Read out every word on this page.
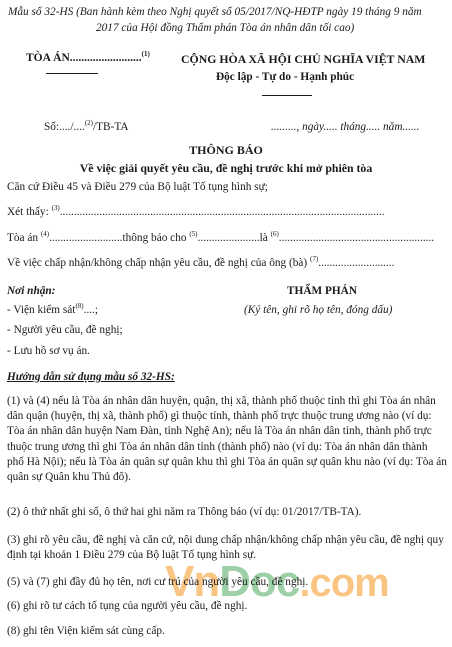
Mẫu số 32-HS (Ban hành kèm theo Nghị quyết số 05/2017/NQ-HĐTP ngày 19 tháng 9 năm
2017 của Hội đồng Thẩm phán Tòa án nhân dân tối cao)
TÒA ÁN.........................$^{(1)}$	CỘNG HÒA XÃ HỘI CHỦ NGHĨA VIỆT NAM
Độc lập - Tự do - Hạnh phúc
Số:..../....$^{(2)}$/TB-TA	........., ngày..... tháng..... năm......
THÔNG BÁO
Về việc giải quyết yêu cầu, đề nghị trước khi mở phiên tòa
Căn cứ Điều 45 và Điều 279 của Bộ luật Tố tụng hình sự;
Xét thấy: $^{(3)}$...................................................................................................................
Tòa án $^{(4)}$..........................thông báo cho $^{(5)}$......................là $^{(6)}$.......................................................
Về việc chấp nhận/không chấp nhận yêu cầu, đề nghị của ông (bà) $^{(7)}$...........................
Nơi nhận:
- Viện kiểm sát$^{(8)}$....;
- Người yêu cầu, đề nghị;
- Lưu hồ sơ vụ án.
THẨM PHÁN
(Ký tên, ghi rõ họ tên, đóng dấu)
Hướng dẫn sử dụng mẫu số 32-HS:
(1) và (4) nếu là Tòa án nhân dân huyện, quận, thị xã, thành phố thuộc tỉnh thì ghi Tòa án nhân dân quận (huyện, thị xã, thành phố) gì thuộc tỉnh, thành phố trực thuộc trung ương nào (ví dụ: Tòa án nhân dân huyện Nam Đàn, tỉnh Nghệ An); nếu là Tòa án nhân dân tỉnh, thành phố trực thuộc trung ương thì ghi Tòa án nhân dân tỉnh (thành phố) nào (ví dụ: Tòa án nhân dân thành phố Hà Nội); nếu là Tòa án quân sự quân khu thì ghi Tòa án quân sự quân khu nào (ví dụ: Tòa án quân sự Quân khu Thủ đô).
(2) ô thứ nhất ghi số, ô thứ hai ghi năm ra Thông báo (ví dụ: 01/2017/TB-TA).
(3) ghi rõ yêu cầu, đề nghị và căn cứ, nội dung chấp nhận/không chấp nhận yêu cầu, đề nghị quy định tại khoản 1 Điều 279 của Bộ luật Tố tụng hình sự.
VnDoc.com
(5) và (7) ghi đầy đủ họ tên, nơi cư trú của người yêu cầu, đề nghị.
(6) ghi rõ tư cách tố tụng của người yêu cầu, đề nghị.
(8) ghi tên Viện kiểm sát cùng cấp.
